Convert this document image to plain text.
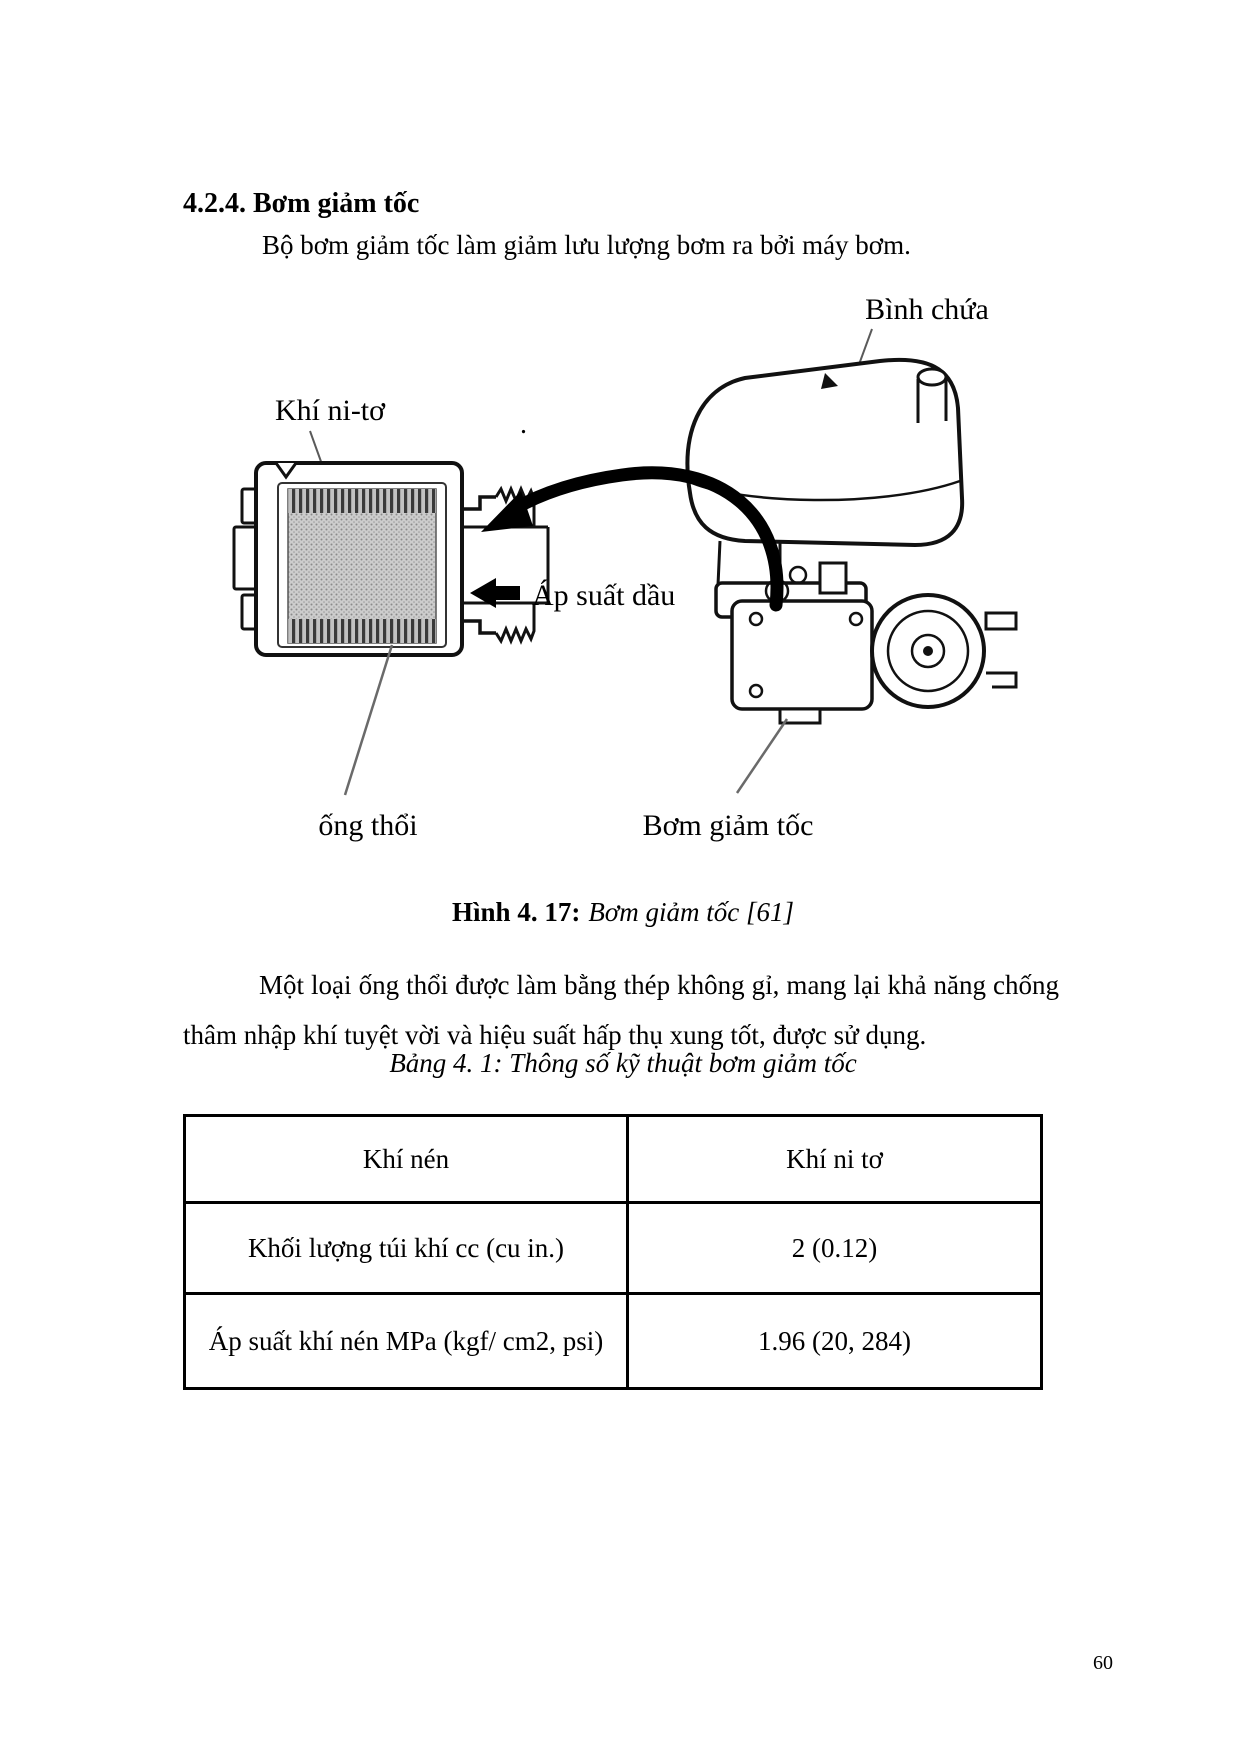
4.2.4. Bơm giảm tốc
Bộ bơm giảm tốc làm giảm lưu lượng bơm ra bởi máy bơm.
Bình chứa
Khí ni-tơ	.
Áp suất dầu
ống thổi	Bơm giảm tốc
Hình 4. 17: Bơm giảm tốc [61]
Một loại ống thổi được làm bằng thép không gỉ, mang lại khả năng chống
thâm nhập khí tuyệt vời và hiệu suất hấp thụ xung tốt, được sử dụng.
Bảng 4. 1: Thông số kỹ thuật bơm giảm tốc
Khí nén	Khí ni tơ
Khối lượng túi khí cc (cu in.)	2 (0.12)
Áp suất khí nén MPa (kgf/ cm2, psi)	1.96 (20, 284)
60
